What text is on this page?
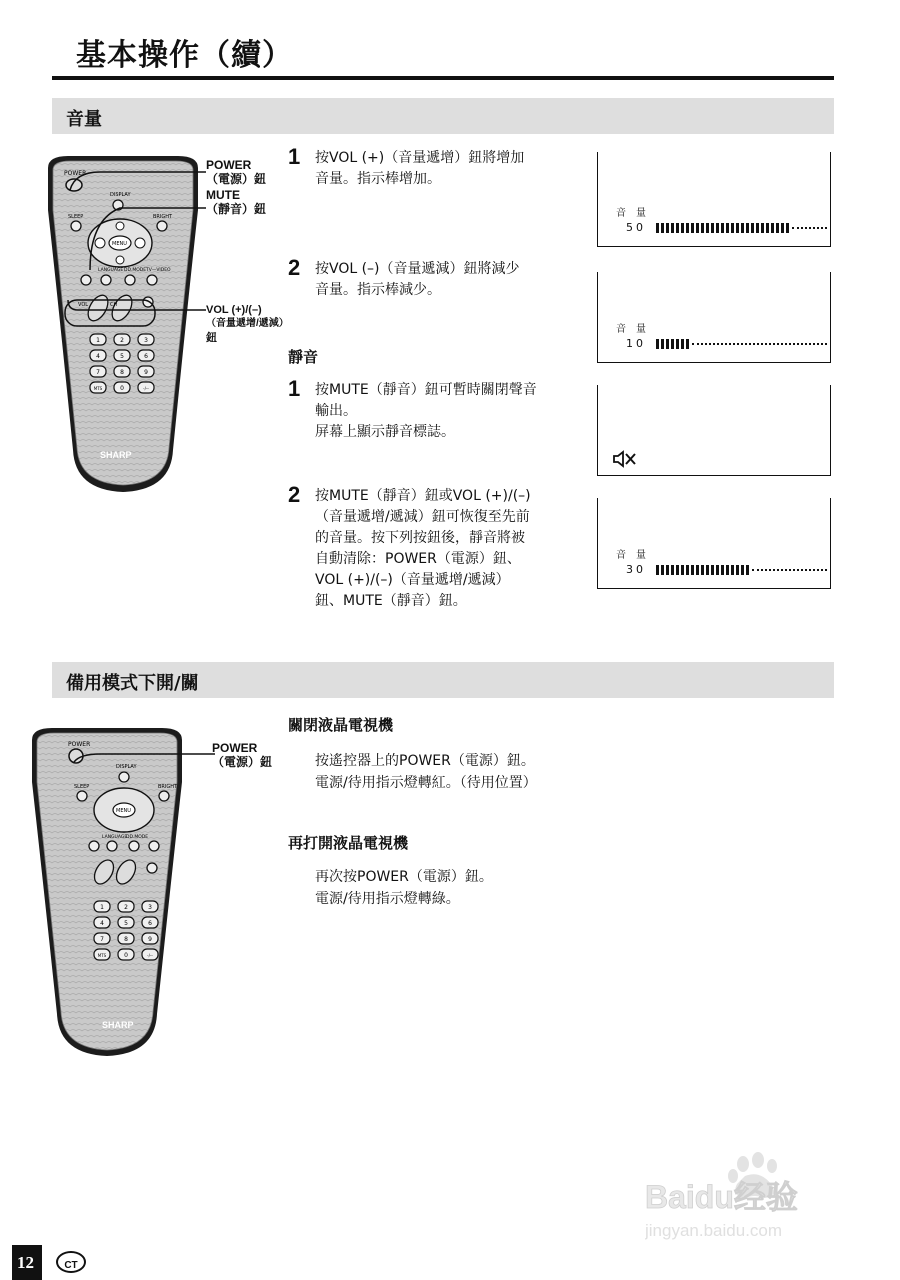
基本操作（續）
音量
POWER
DISPLAY
SLEEP	BRIGHT
MENU
LANGUAGE DD.MODE TV—VIDEO
VOL	CH
1	2	3
4	5	6
7	8	9
MTS	0	-/--
SHARP
POWER
（電源）鈕
MUTE
（靜音）鈕
VOL (+)/(–)
（音量遞增/遞減）
鈕
1 按VOL (+)（音量遞增）鈕將增加
音量。指示棒增加。
2 按VOL (–)（音量遞減）鈕將減少
音量。指示棒減少。
靜音
1 按MUTE（靜音）鈕可暫時關閉聲音
輸出。
屏幕上顯示靜音標誌。
2 按MUTE（靜音）鈕或VOL (+)/(–)
（音量遞增/遞減）鈕可恢復至先前
的音量。按下列按鈕後，靜音將被
自動清除：POWER（電源）鈕、
VOL (+)/(–)（音量遞增/遞減）
鈕、MUTE（靜音）鈕。
音　量
50
音　量
10
音　量
30
備用模式下開/關
POWER
DISPLAY
SLEEP	BRIGHT
MENU
LANGUAGE
DD.MODE
1	2	3
4	5	6
7	8	9
MTS	0	-/--
SHARP
POWER
（電源）鈕
關閉液晶電視機
按遙控器上的POWER（電源）鈕。
電源/待用指示燈轉紅。（待用位置）
再打開液晶電視機
再次按POWER（電源）鈕。
電源/待用指示燈轉綠。
Baidu经验
jingyan.baidu.com
12	CT
